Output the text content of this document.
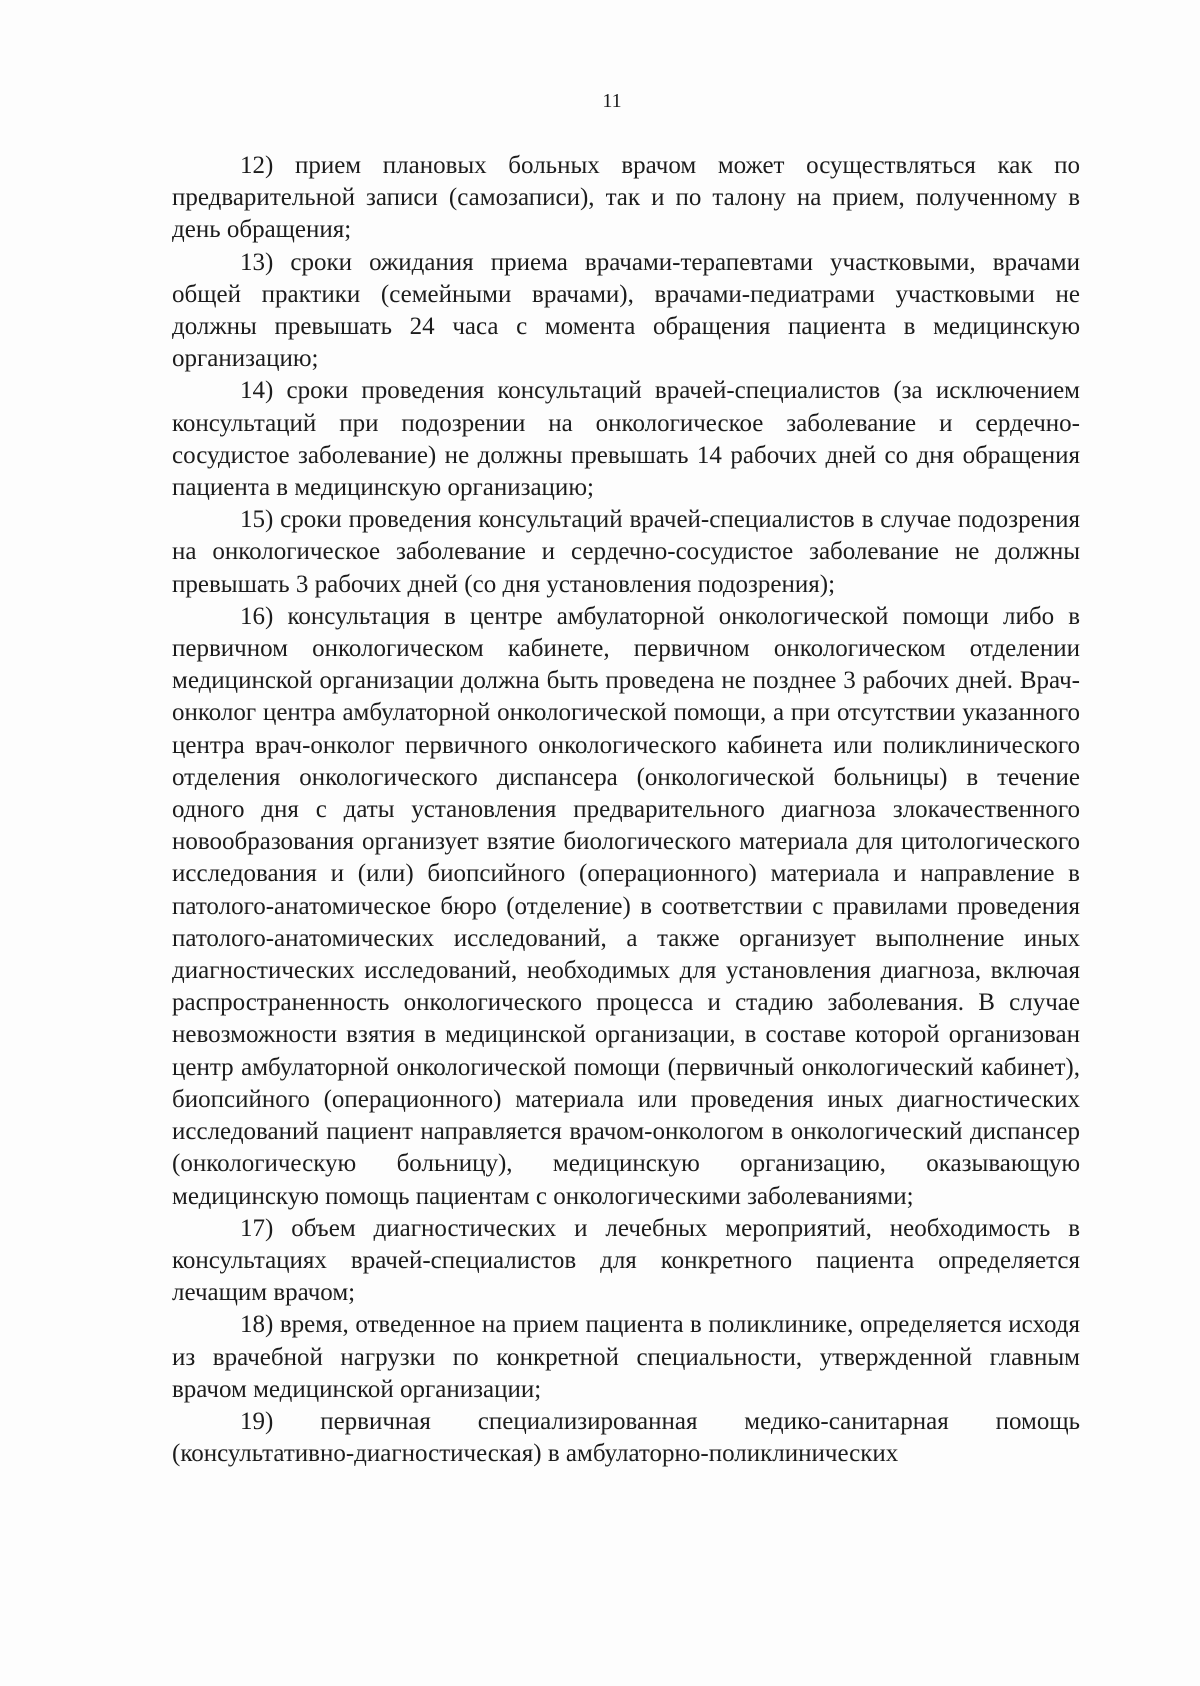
11

12) прием плановых больных врачом может осуществляться как по предварительной записи (самозаписи), так и по талону на прием, полученному в день обращения;

13) сроки ожидания приема врачами-терапевтами участковыми, врачами общей практики (семейными врачами), врачами-педиатрами участковыми не должны превышать 24 часа с момента обращения пациента в медицинскую организацию;

14) сроки проведения консультаций врачей-специалистов (за исключением консультаций при подозрении на онкологическое заболевание и сердечно-сосудистое заболевание) не должны превышать 14 рабочих дней со дня обращения пациента в медицинскую организацию;

15) сроки проведения консультаций врачей-специалистов в случае подозрения на онкологическое заболевание и сердечно-сосудистое заболевание не должны превышать 3 рабочих дней (со дня установления подозрения);

16) консультация в центре амбулаторной онкологической помощи либо в первичном онкологическом кабинете, первичном онкологическом отделении медицинской организации должна быть проведена не позднее 3 рабочих дней. Врач-онколог центра амбулаторной онкологической помощи, а при отсутствии указанного центра врач-онколог первичного онкологического кабинета или поликлинического отделения онкологического диспансера (онкологической больницы) в течение одного дня с даты установления предварительного диагноза злокачественного новообразования организует взятие биологического материала для цитологического исследования и (или) биопсийного (операционного) материала и направление в патолого-анатомическое бюро (отделение) в соответствии с правилами проведения патолого-анатомических исследований, а также организует выполнение иных диагностических исследований, необходимых для установления диагноза, включая распространенность онкологического процесса и стадию заболевания. В случае невозможности взятия в медицинской организации, в составе которой организован центр амбулаторной онкологической помощи (первичный онкологический кабинет), биопсийного (операционного) материала или проведения иных диагностических исследований пациент направляется врачом-онкологом в онкологический диспансер (онкологическую больницу), медицинскую организацию, оказывающую медицинскую помощь пациентам с онкологическими заболеваниями;

17) объем диагностических и лечебных мероприятий, необходимость в консультациях врачей-специалистов для конкретного пациента определяется лечащим врачом;

18) время, отведенное на прием пациента в поликлинике, определяется исходя из врачебной нагрузки по конкретной специальности, утвержденной главным врачом медицинской организации;

19) первичная специализированная медико-санитарная помощь (консультативно-диагностическая) в амбулаторно-поликлинических
